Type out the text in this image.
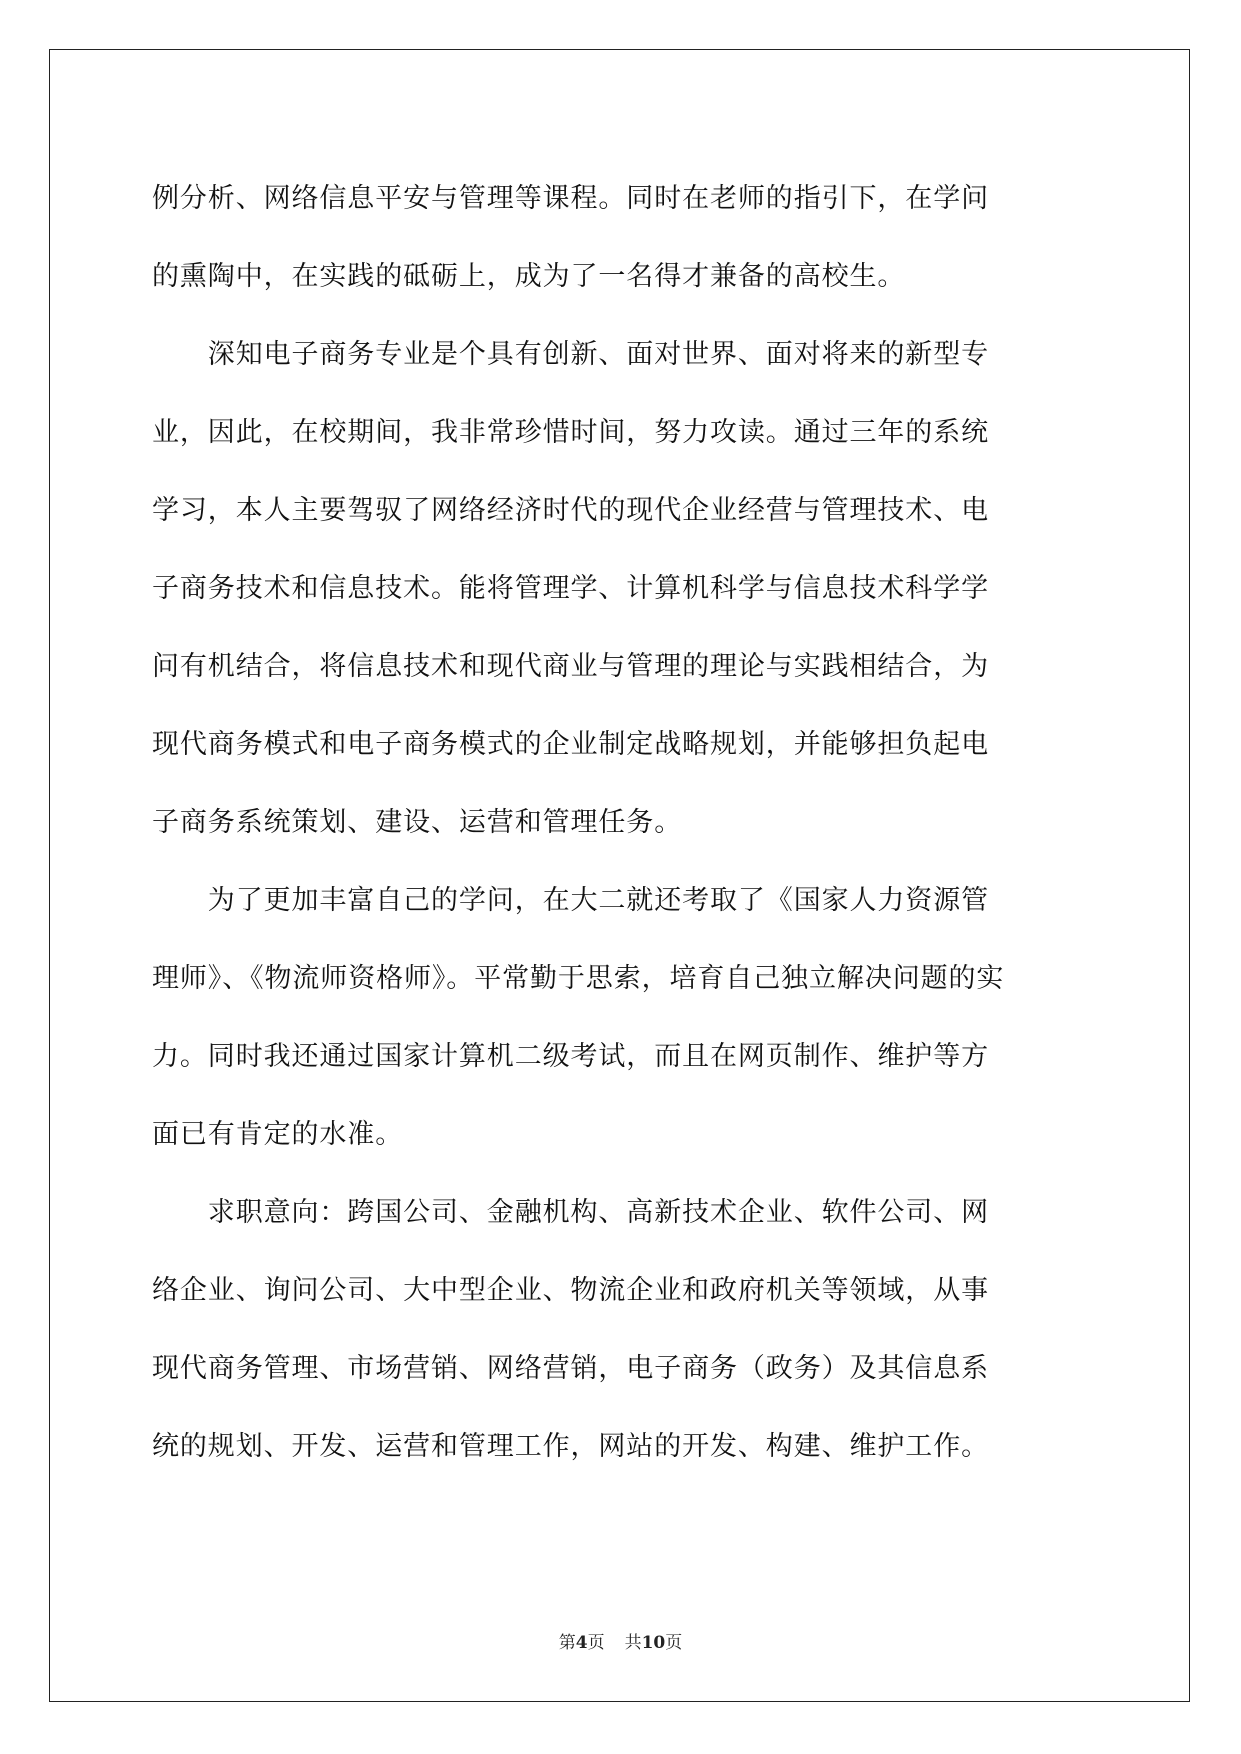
例分析、网络信息平安与管理等课程。同时在老师的指引下，在学问
的熏陶中，在实践的砥砺上，成为了一名得才兼备的高校生。
　　深知电子商务专业是个具有创新、面对世界、面对将来的新型专
业，因此，在校期间，我非常珍惜时间，努力攻读。通过三年的系统
学习，本人主要驾驭了网络经济时代的现代企业经营与管理技术、电
子商务技术和信息技术。能将管理学、计算机科学与信息技术科学学
问有机结合，将信息技术和现代商业与管理的理论与实践相结合，为
现代商务模式和电子商务模式的企业制定战略规划，并能够担负起电
子商务系统策划、建设、运营和管理任务。
　　为了更加丰富自己的学问，在大二就还考取了《国家人力资源管
理师》、《物流师资格师》。平常勤于思索，培育自己独立解决问题的实
力。同时我还通过国家计算机二级考试，而且在网页制作、维护等方
面已有肯定的水准。
　　求职意向：跨国公司、金融机构、高新技术企业、软件公司、网
络企业、询问公司、大中型企业、物流企业和政府机关等领域，从事
现代商务管理、市场营销、网络营销，电子商务（政务）及其信息系
统的规划、开发、运营和管理工作，网站的开发、构建、维护工作。
第4页 共10页
